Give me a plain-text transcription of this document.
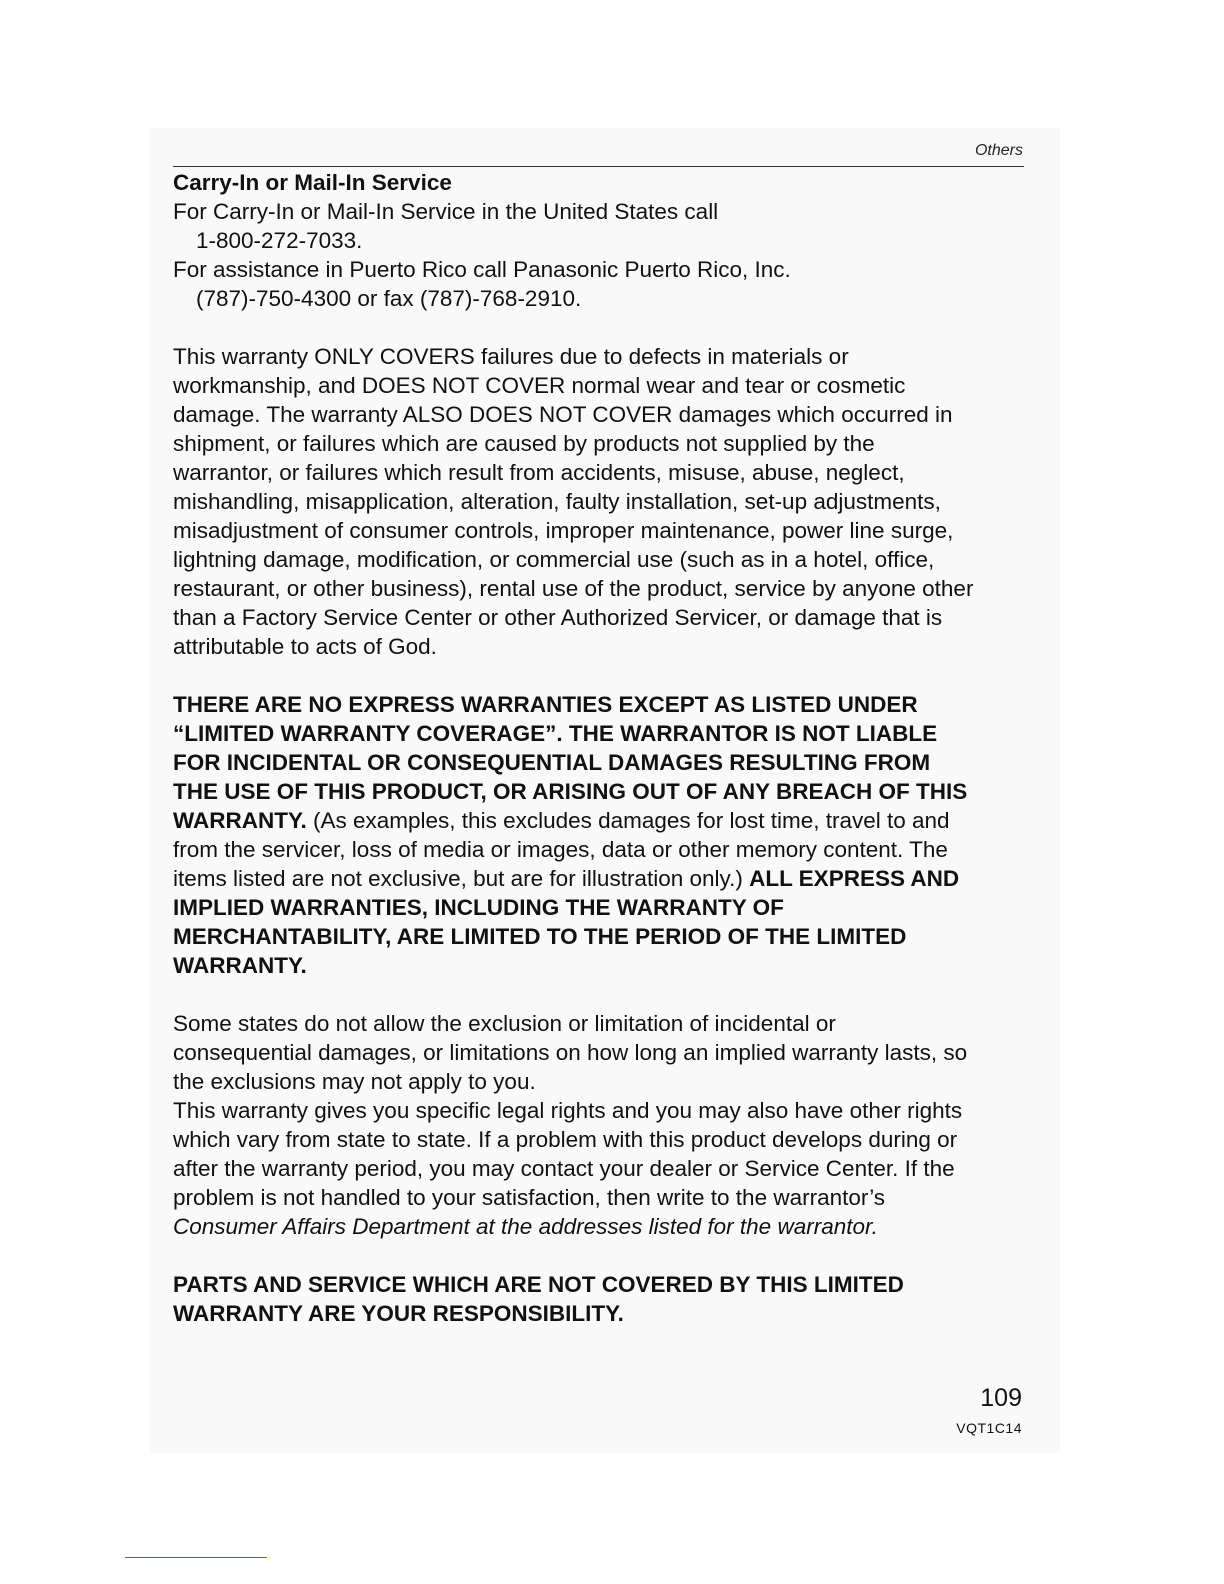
Others

Carry-In or Mail-In Service

For Carry-In or Mail-In Service in the United States call

1-800-272-7033.

For assistance in Puerto Rico call Panasonic Puerto Rico, Inc.

(787)-750-4300 or fax (787)-768-2910.

This warranty ONLY COVERS failures due to defects in materials or

workmanship, and DOES NOT COVER normal wear and tear or cosmetic

damage. The warranty ALSO DOES NOT COVER damages which occurred in

shipment, or failures which are caused by products not supplied by the

warrantor, or failures which result from accidents, misuse, abuse, neglect,

mishandling, misapplication, alteration, faulty installation, set-up adjustments,

misadjustment of consumer controls, improper maintenance, power line surge,

lightning damage, modification, or commercial use (such as in a hotel, office,

restaurant, or other business), rental use of the product, service by anyone other

than a Factory Service Center or other Authorized Servicer, or damage that is

attributable to acts of God.

THERE ARE NO EXPRESS WARRANTIES EXCEPT AS LISTED UNDER

“LIMITED WARRANTY COVERAGE”. THE WARRANTOR IS NOT LIABLE

FOR INCIDENTAL OR CONSEQUENTIAL DAMAGES RESULTING FROM

THE USE OF THIS PRODUCT, OR ARISING OUT OF ANY BREACH OF THIS

WARRANTY. (As examples, this excludes damages for lost time, travel to and

from the servicer, loss of media or images, data or other memory content. The

items listed are not exclusive, but are for illustration only.) ALL EXPRESS AND

IMPLIED WARRANTIES, INCLUDING THE WARRANTY OF

MERCHANTABILITY, ARE LIMITED TO THE PERIOD OF THE LIMITED

WARRANTY.

Some states do not allow the exclusion or limitation of incidental or

consequential damages, or limitations on how long an implied warranty lasts, so

the exclusions may not apply to you.

This warranty gives you specific legal rights and you may also have other rights

which vary from state to state. If a problem with this product develops during or

after the warranty period, you may contact your dealer or Service Center. If the

problem is not handled to your satisfaction, then write to the warrantor’s

Consumer Affairs Department at the addresses listed for the warrantor.

PARTS AND SERVICE WHICH ARE NOT COVERED BY THIS LIMITED

WARRANTY ARE YOUR RESPONSIBILITY.

109
VQT1C14
